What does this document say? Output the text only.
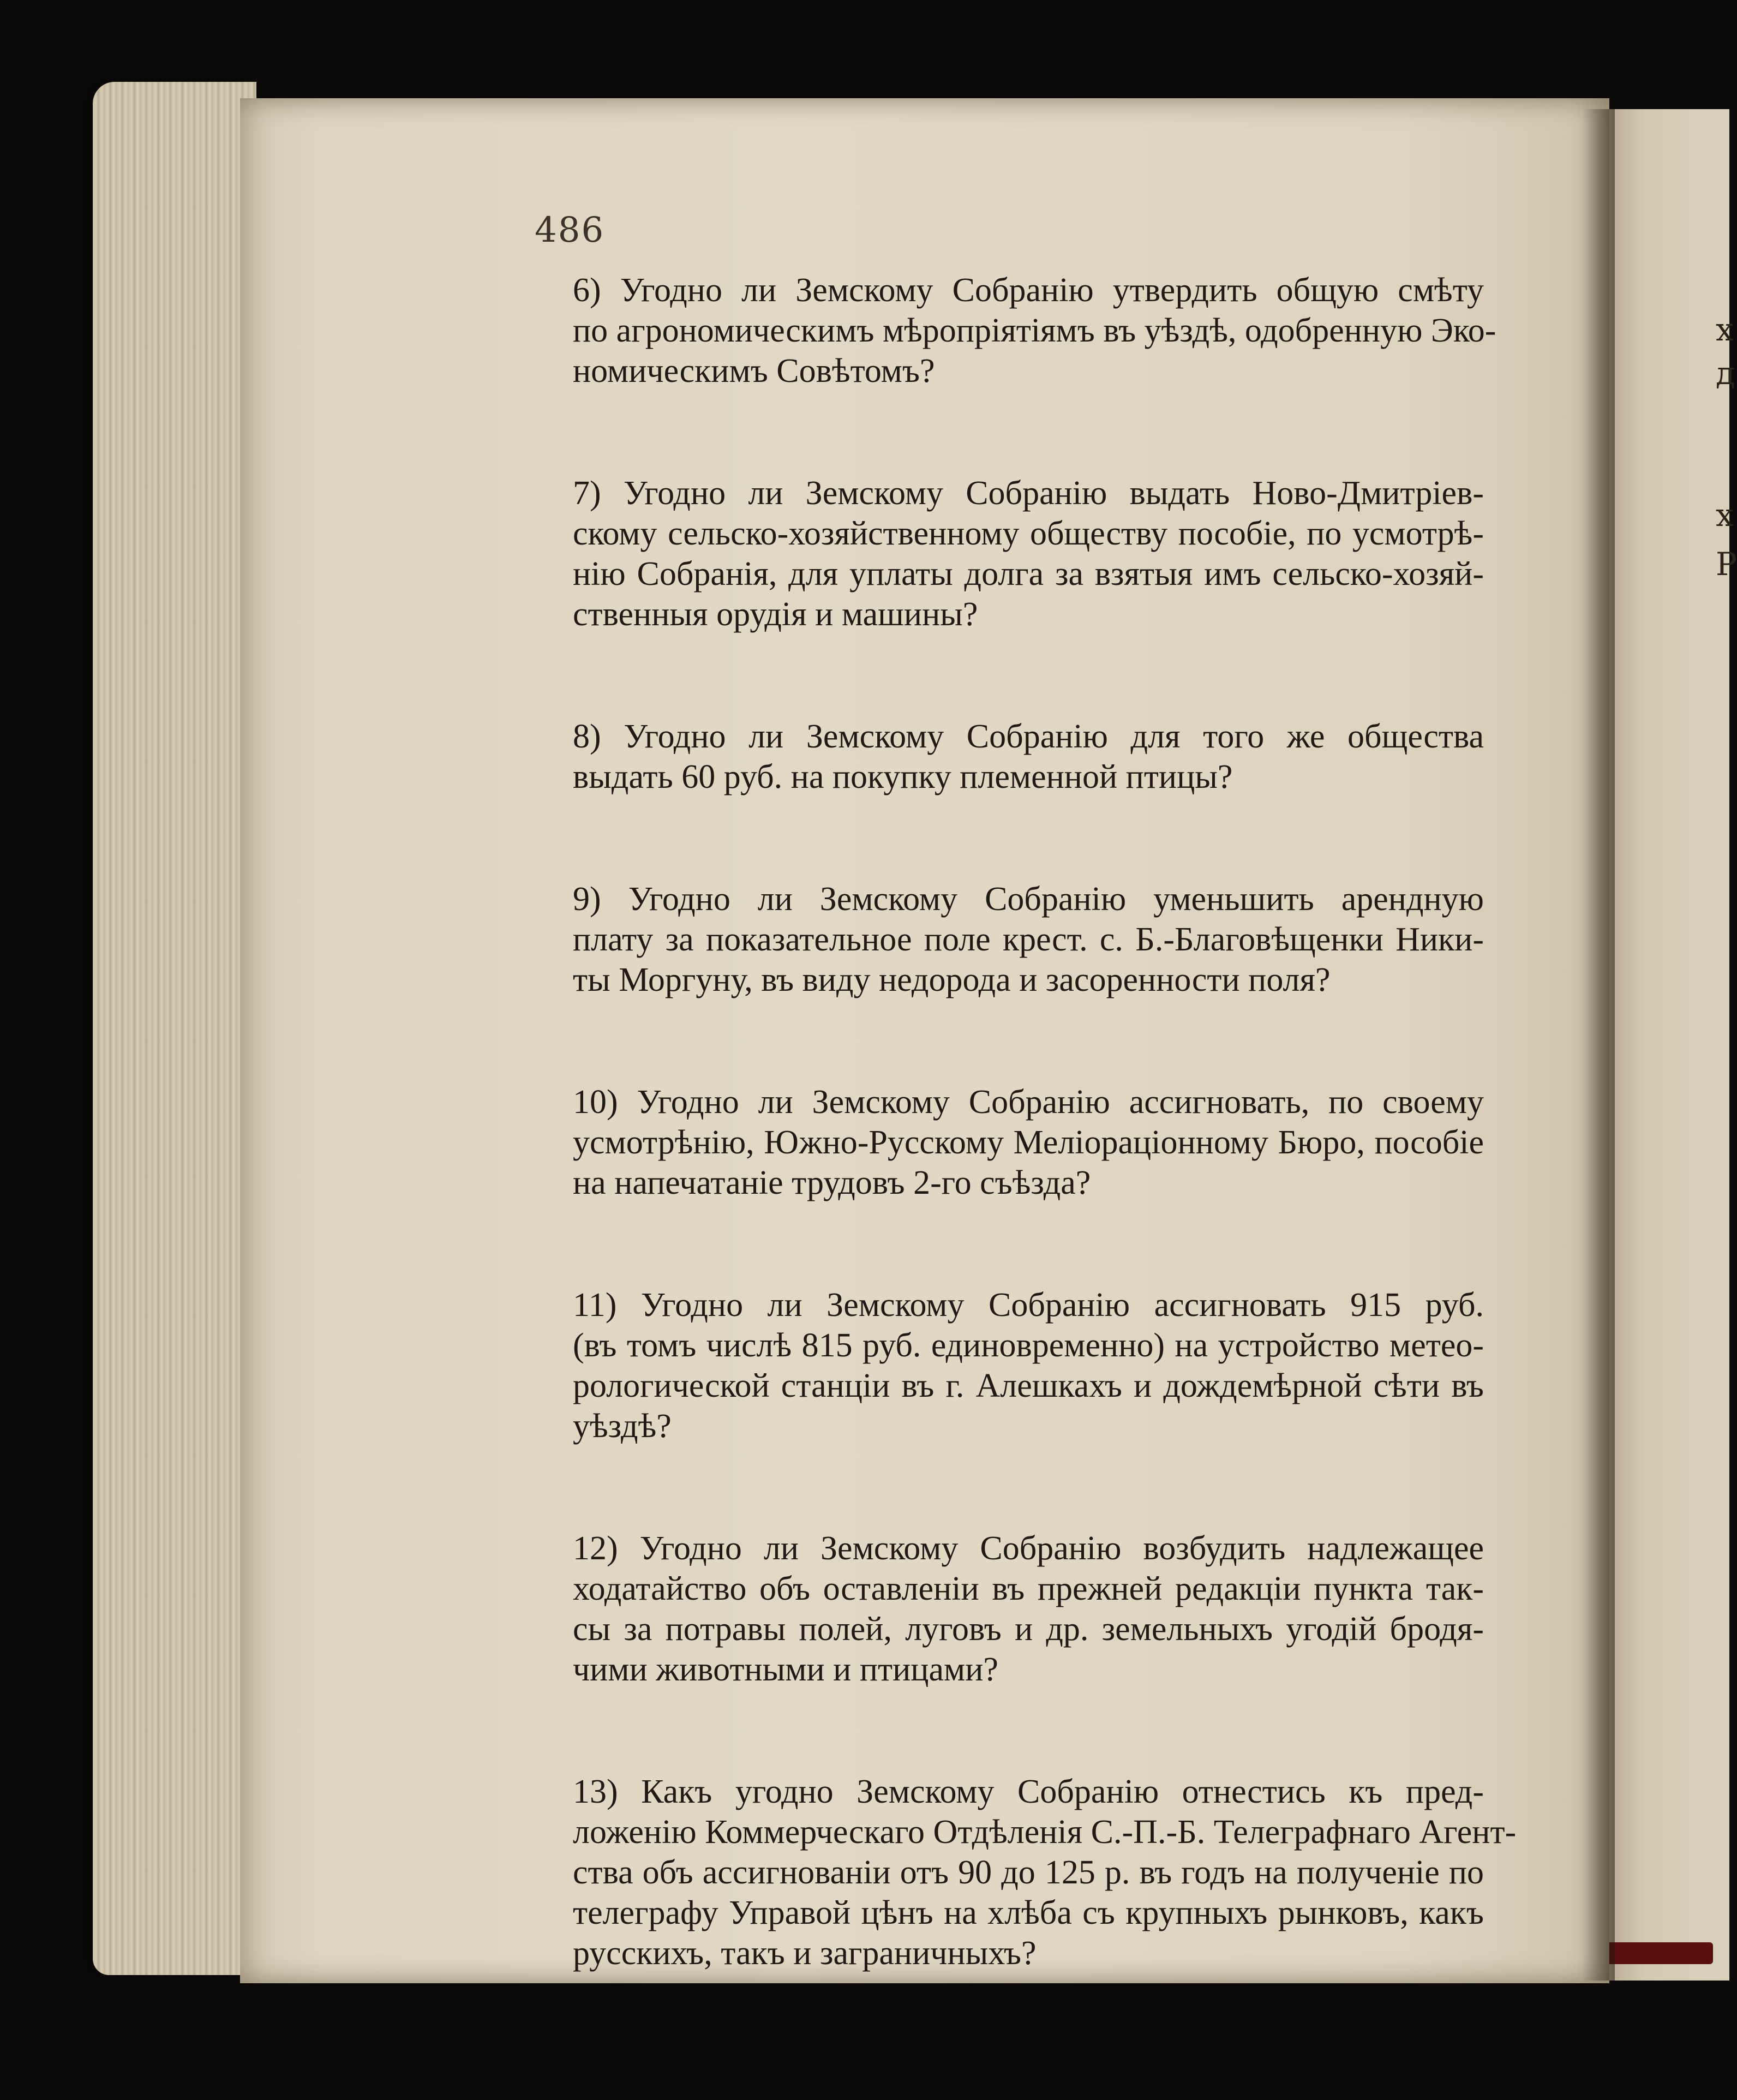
х
д
х
Р
486

6) Угодно ли Земскому Собранію утвердить общую смѣту
по агрономическимъ мѣропріятіямъ въ уѣздѣ, одобренную Эко-
номическимъ Совѣтомъ?

7) Угодно ли Земскому Собранію выдать Ново-Дмитріев-
скому сельско-хозяйственному обществу пособіе, по усмотрѣ-
нію Собранія, для уплаты долга за взятыя имъ сельско-хозяй-
ственныя орудія и машины?

8) Угодно ли Земскому Собранію для того же общества
выдать 60 руб. на покупку племенной птицы?

9) Угодно ли Земскому Собранію уменьшить арендную
плату за показательное поле крест. с. Б.-Благовѣщенки Ники-
ты Моргуну, въ виду недорода и засоренности поля?

10) Угодно ли Земскому Собранію ассигновать, по своему
усмотрѣнію, Южно-Русскому Меліораціонному Бюро, пособіе
на напечатаніе трудовъ 2-го съѣзда?

11) Угодно ли Земскому Собранію ассигновать 915 руб.
(въ томъ числѣ 815 руб. единовременно) на устройство метео-
рологической станціи въ г. Алешкахъ и дождемѣрной сѣти въ
уѣздѣ?

12) Угодно ли Земскому Собранію возбудить надлежащее
ходатайство объ оставленіи въ прежней редакціи пункта так-
сы за потравы полей, луговъ и др. земельныхъ угодій бродя-
чими животными и птицами?

13) Какъ угодно Земскому Собранію отнестись къ пред-
ложенію Коммерческаго Отдѣленія С.-П.-Б. Телеграфнаго Агент-
ства объ ассигнованіи отъ 90 до 125 р. въ годъ на полученіе по
телеграфу Управой цѣнъ на хлѣба съ крупныхъ рынковъ, какъ
русскихъ, такъ и заграничныхъ?
